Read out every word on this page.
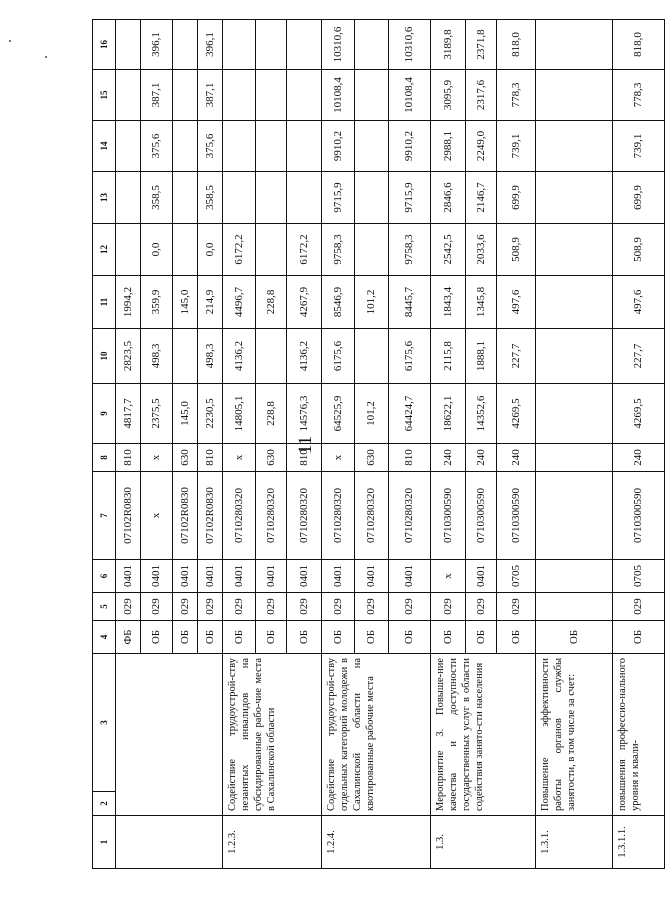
11
1	2	3	4	5	6	7	8	9	10	11	12	13	14	15	16
			ФБ	029	0401	07102R0830	810	4817,7	2823,5	1994,2					
			ОБ	029	0401	x	x	2375,5	498,3	359,9	0,0	358,5	375,6	387,1	396,1
			ОБ	029	0401	07102R0830	630	145,0		145,0					
			ОБ	029	0401	07102R0830	810	2230,5	498,3	214,9	0,0	358,5	375,6	387,1	396,1
1.2.3.	Содействие трудоустрой-ству незанятых инвалидов на субсидированные рабо-чие места в Сахалинской области		ОБ	029	0401	0710280320	x	14805,1	4136,2	4496,7	6172,2				
			ОБ	029	0401	0710280320	630	228,8		228,8					
			ОБ	029	0401	0710280320	810	14576,3	4136,2	4267,9	6172,2				
1.2.4.	Содействие трудоустрой-ству отдельных категорий молодежи в Сахалинской области на квотированные рабочие места		ОБ	029	0401	0710280320	x	64525,9	6175,6	8546,9	9758,3	9715,9	9910,2	10108,4	10310,6
			ОБ	029	0401	0710280320	630	101,2		101,2					
			ОБ	029	0401	0710280320	810	64424,7	6175,6	8445,7	9758,3	9715,9	9910,2	10108,4	10310,6
1.3.	Мероприятие 3. Повыше-ние качества и доступности государственных услуг в области содействия занято-сти населения		ОБ	029	x	0710300590	240	18622,1	2115,8	1843,4	2542,5	2846,6	2988,1	3095,9	3189,8
			ОБ	029	0401	0710300590	240	14352,6	1888,1	1345,8	2033,6	2146,7	2249,0	2317,6	2371,8
			ОБ	029	0705	0710300590	240	4269,5	227,7	497,6	508,9	699,9	739,1	778,3	818,0
1.3.1.	Повышение эффективности работы органов службы занятости, в том числе за счет:		ОБ												
1.3.1.1.	повышения профессио-нального уровня и квали-		ОБ	029	0705	0710300590	240	4269,5	227,7	497,6	508,9	699,9	739,1	778,3	818,0
